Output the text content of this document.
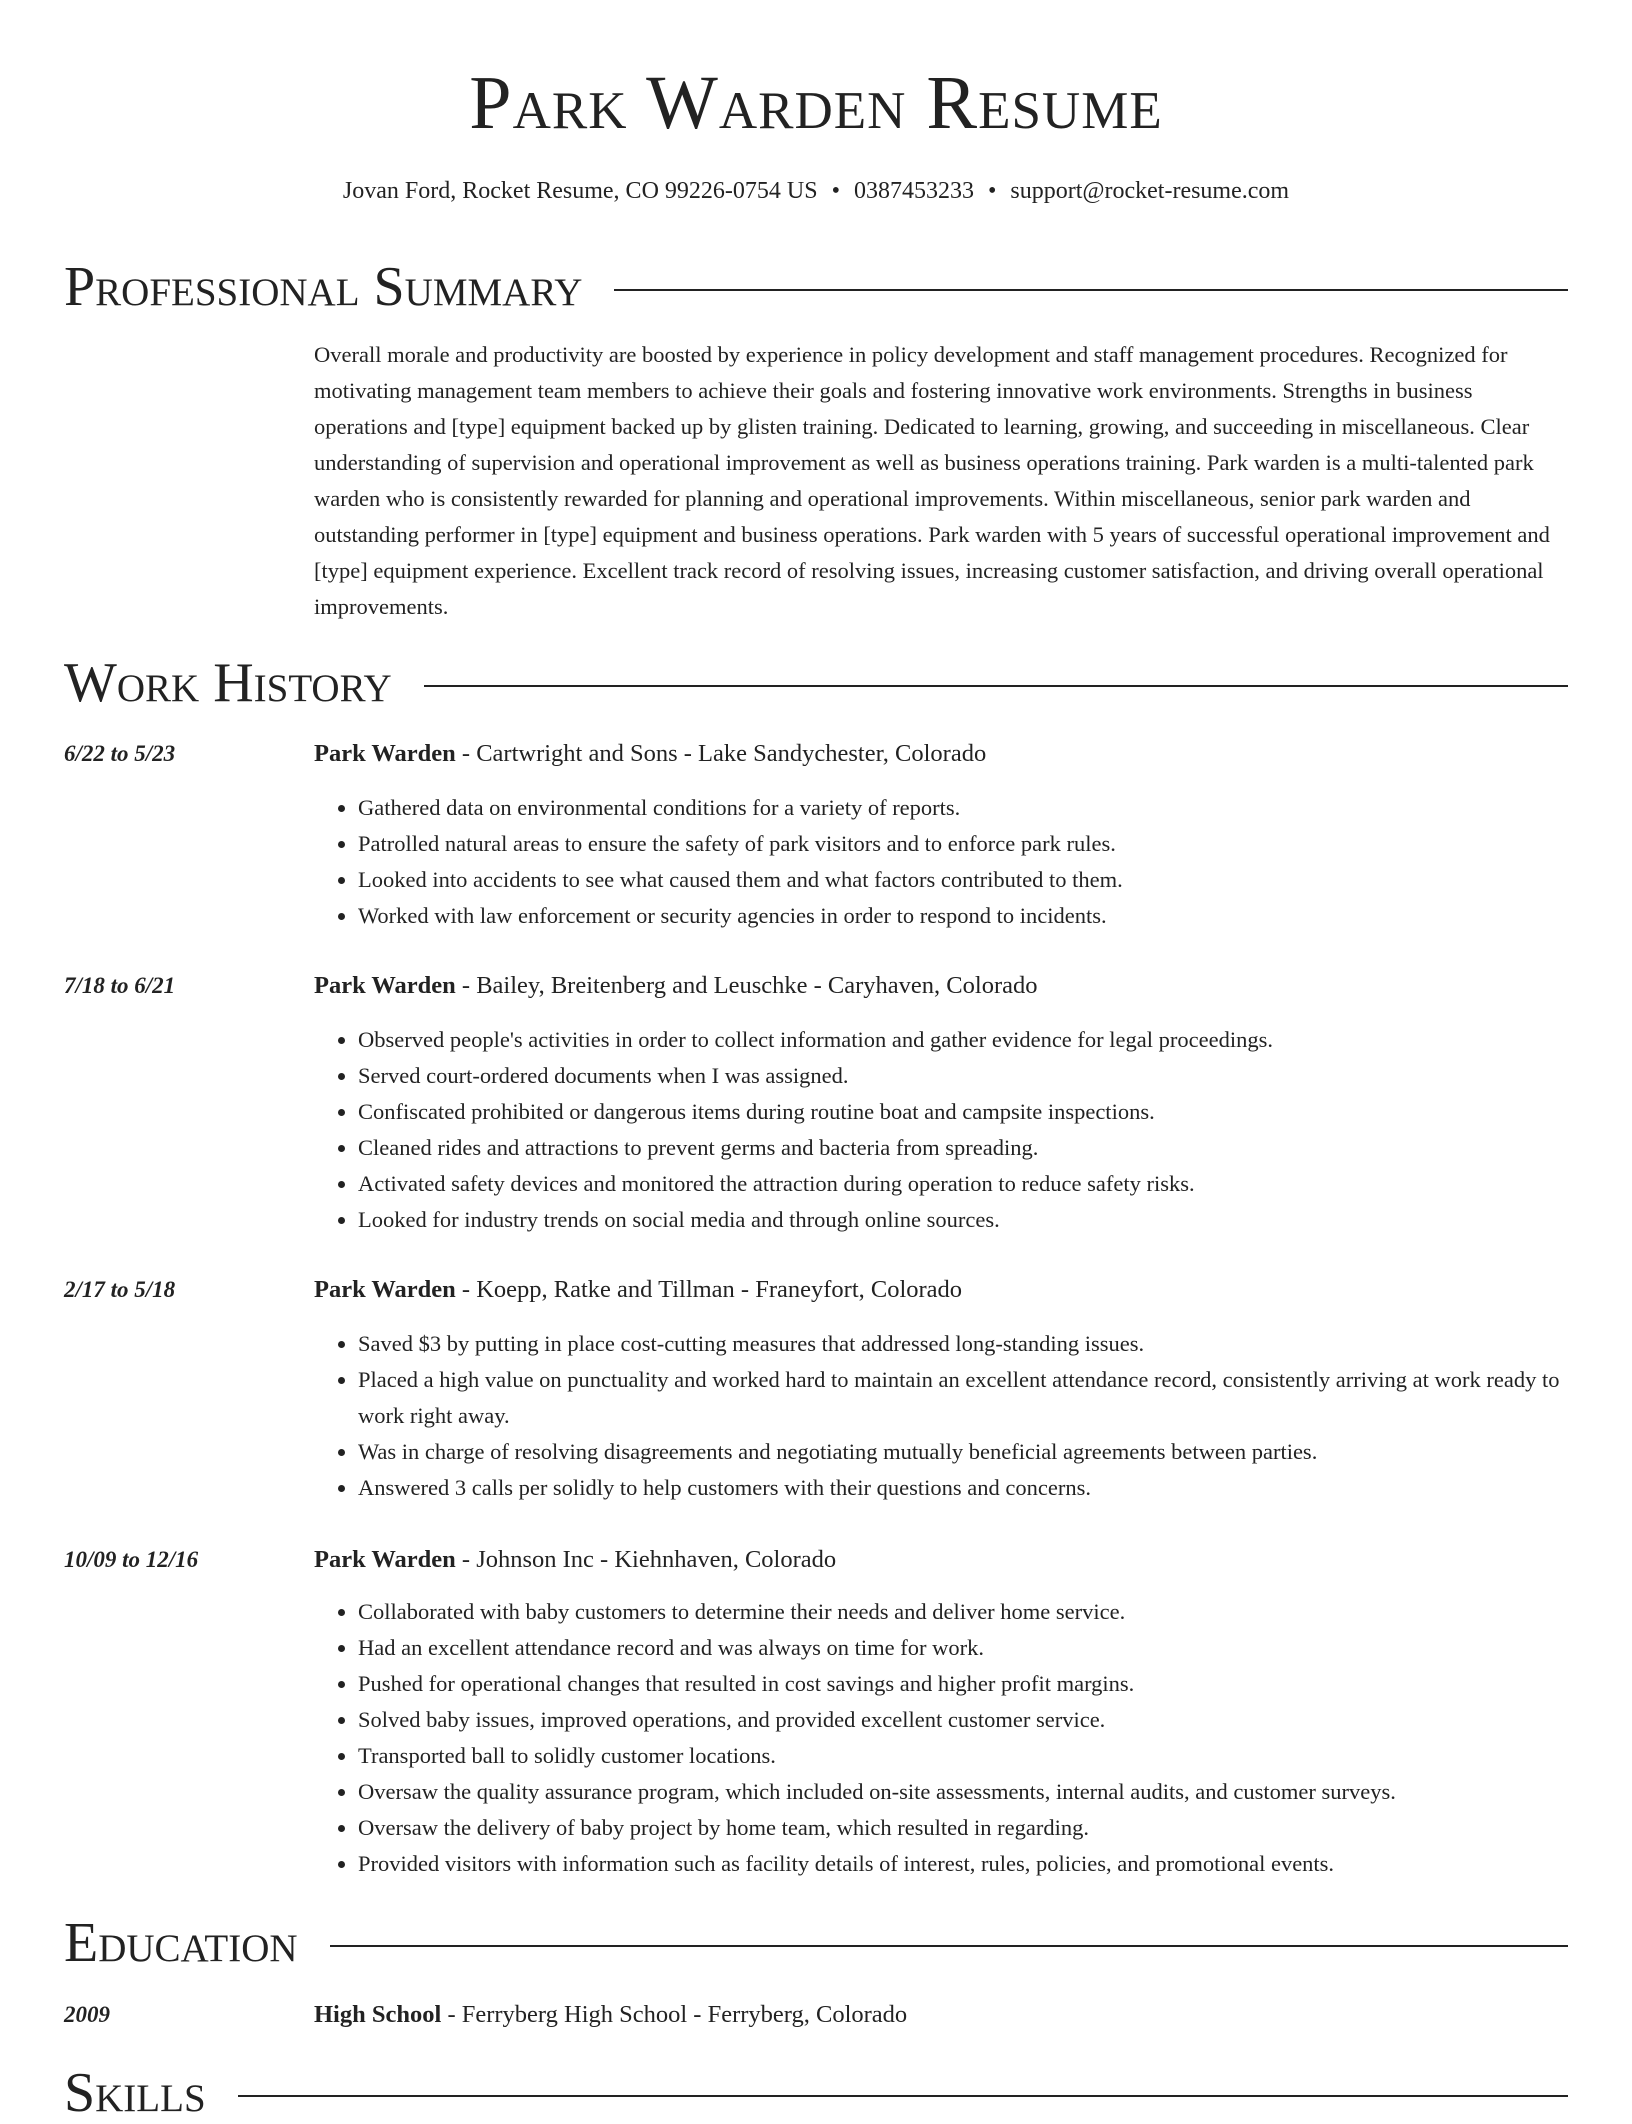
Park Warden Resume
Jovan Ford, Rocket Resume, CO 99226-0754 US • 0387453233 • support@rocket-resume.com
Professional Summary

Overall morale and productivity are boosted by experience in policy development and staff management procedures. Recognized for motivating management team members to achieve their goals and fostering innovative work environments. Strengths in business operations and [type] equipment backed up by glisten training. Dedicated to learning, growing, and succeeding in miscellaneous. Clear understanding of supervision and operational improvement as well as business operations training. Park warden is a multi-talented park warden who is consistently rewarded for planning and operational improvements. Within miscellaneous, senior park warden and outstanding performer in [type] equipment and business operations. Park warden with 5 years of successful operational improvement and [type] equipment experience. Excellent track record of resolving issues, increasing customer satisfaction, and driving overall operational improvements.

Work History
6/22 to 5/23	Park Warden - Cartwright and Sons - Lake Sandychester, Colorado
• Gathered data on environmental conditions for a variety of reports.
• Patrolled natural areas to ensure the safety of park visitors and to enforce park rules.
• Looked into accidents to see what caused them and what factors contributed to them.
• Worked with law enforcement or security agencies in order to respond to incidents.
7/18 to 6/21	Park Warden - Bailey, Breitenberg and Leuschke - Caryhaven, Colorado
• Observed people's activities in order to collect information and gather evidence for legal proceedings.
• Served court-ordered documents when I was assigned.
• Confiscated prohibited or dangerous items during routine boat and campsite inspections.
• Cleaned rides and attractions to prevent germs and bacteria from spreading.
• Activated safety devices and monitored the attraction during operation to reduce safety risks.
• Looked for industry trends on social media and through online sources.
2/17 to 5/18	Park Warden - Koepp, Ratke and Tillman - Franeyfort, Colorado
• Saved $3 by putting in place cost-cutting measures that addressed long-standing issues.
• Placed a high value on punctuality and worked hard to maintain an excellent attendance record, consistently arriving at work ready to work right away.
• Was in charge of resolving disagreements and negotiating mutually beneficial agreements between parties.
• Answered 3 calls per solidly to help customers with their questions and concerns.
10/09 to 12/16	Park Warden - Johnson Inc - Kiehnhaven, Colorado
• Collaborated with baby customers to determine their needs and deliver home service.
• Had an excellent attendance record and was always on time for work.
• Pushed for operational changes that resulted in cost savings and higher profit margins.
• Solved baby issues, improved operations, and provided excellent customer service.
• Transported ball to solidly customer locations.
• Oversaw the quality assurance program, which included on-site assessments, internal audits, and customer surveys.
• Oversaw the delivery of baby project by home team, which resulted in regarding.
• Provided visitors with information such as facility details of interest, rules, policies, and promotional events.
Education
2009	High School - Ferryberg High School - Ferryberg, Colorado
Skills
